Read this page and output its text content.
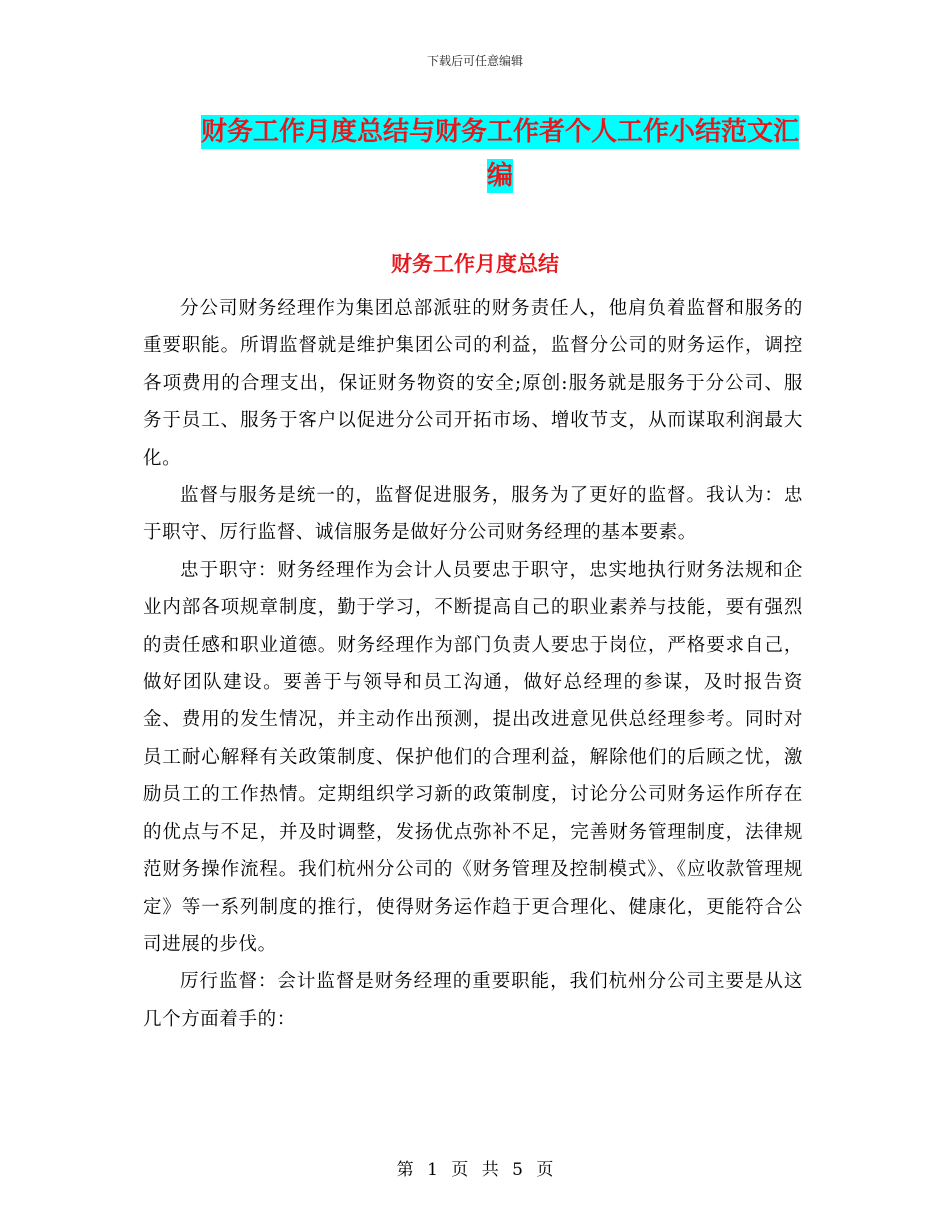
下载后可任意编辑
财务工作月度总结与财务工作者个人工作小结范文汇编
财务工作月度总结

分公司财务经理作为集团总部派驻的财务责任人，他肩负着监督和服务的重要职能。所谓监督就是维护集团公司的利益，监督分公司的财务运作，调控各项费用的合理支出，保证财务物资的安全;原创:服务就是服务于分公司、服务于员工、服务于客户以促进分公司开拓市场、增收节支，从而谋取利润最大化。

监督与服务是统一的，监督促进服务，服务为了更好的监督。我认为：忠于职守、厉行监督、诚信服务是做好分公司财务经理的基本要素。

忠于职守：财务经理作为会计人员要忠于职守，忠实地执行财务法规和企业内部各项规章制度，勤于学习，不断提高自己的职业素养与技能，要有强烈的责任感和职业道德。财务经理作为部门负责人要忠于岗位，严格要求自己，做好团队建设。要善于与领导和员工沟通，做好总经理的参谋，及时报告资金、费用的发生情况，并主动作出预测，提出改进意见供总经理参考。同时对员工耐心解释有关政策制度、保护他们的合理利益，解除他们的后顾之忧，激励员工的工作热情。定期组织学习新的政策制度，讨论分公司财务运作所存在的优点与不足，并及时调整，发扬优点弥补不足，完善财务管理制度，法律规范财务操作流程。我们杭州分公司的《财务管理及控制模式》、《应收款管理规定》等一系列制度的推行，使得财务运作趋于更合理化、健康化，更能符合公司进展的步伐。

厉行监督：会计监督是财务经理的重要职能，我们杭州分公司主要是从这几个方面着手的：

第 1 页 共 5 页
